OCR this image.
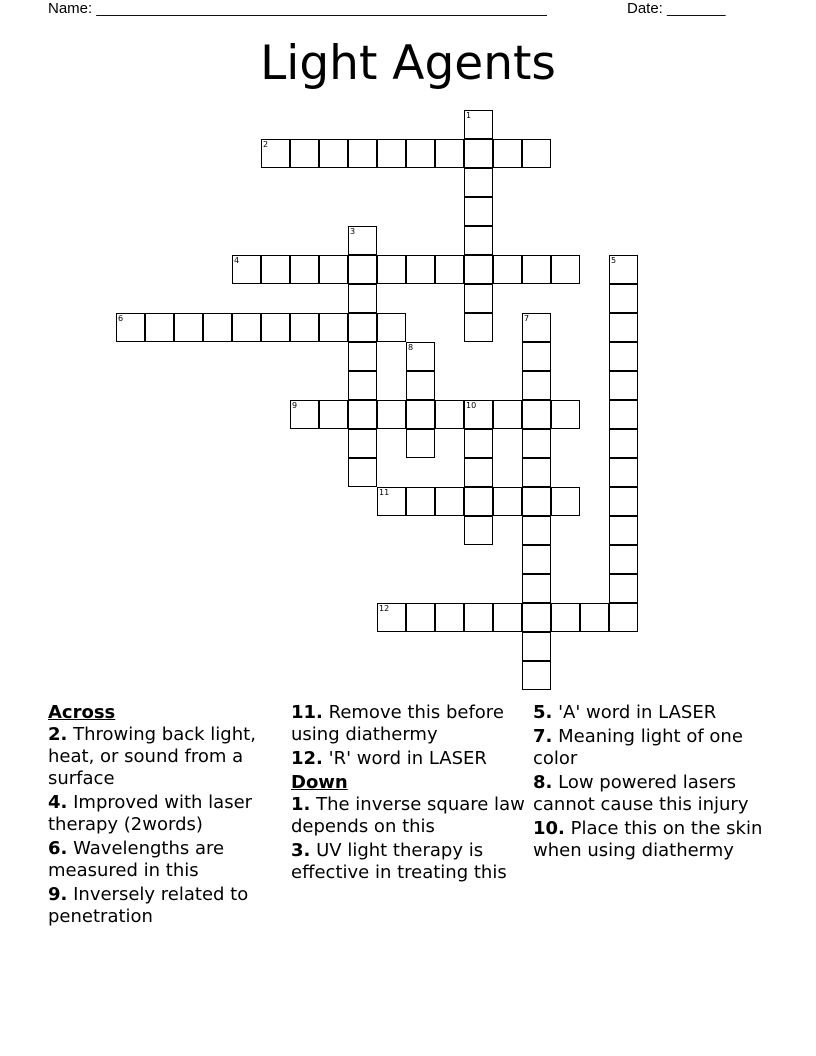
Name: ______________________________________________________	Date: _______
Light Agents
1
2
3
4	5
6	7
8
9	10
11
12
Across
2. Throwing back light, heat, or sound from a surface
4. Improved with laser therapy (2words)
6. Wavelengths are measured in this
9. Inversely related to penetration
11. Remove this before using diathermy
12. 'R' word in LASER
Down
1. The inverse square law depends on this
3. UV light therapy is effective in treating this
5. 'A' word in LASER
7. Meaning light of one color
8. Low powered lasers cannot cause this injury
10. Place this on the skin when using diathermy
